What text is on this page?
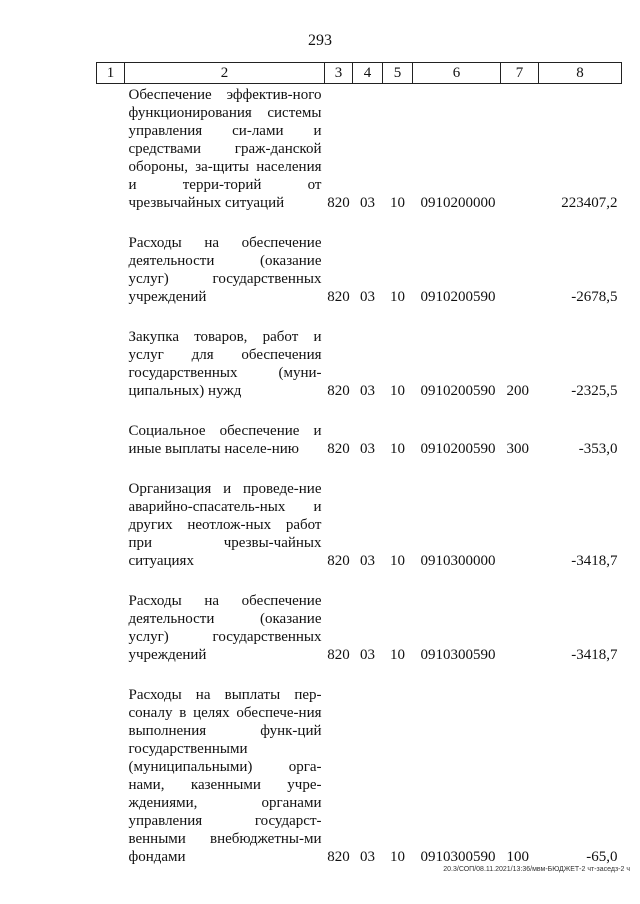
293
1	2	3	4	5	6	7	8
Обеспечение эффектив-ного функционирования системы управления си-лами и средствами граж-данской обороны, за-щиты населения и терри-торий от чрезвычайных ситуаций		820	03	10	0910200000		223407,2

Расходы на обеспечение деятельности (оказание услуг) государственных учреждений		820	03	10	0910200590		-2678,5

Закупка товаров, работ и услуг для обеспечения государственных (муни-ципальных) нужд		820	03	10	0910200590	200	-2325,5

Социальное обеспечение и иные выплаты населе-нию		820	03	10	0910200590	300	-353,0

Организация и проведе-ние аварийно-спасатель-ных и других неотлож-ных работ при чрезвы-чайных ситуациях		820	03	10	0910300000		-3418,7

Расходы на обеспечение деятельности (оказание услуг) государственных учреждений		820	03	10	0910300590		-3418,7

Расходы на выплаты пер-соналу в целях обеспече-ния выполнения функ-ций государственными (муниципальными) орга-нами, казенными учре-ждениями, органами управления государст-венными внебюджетны-ми фондами		820	03	10	0910300590	100	-65,0
20.3/СОП/08.11.2021/13:36/мвм-БЮДЖЕТ-2 чт-заседз-2 ч
